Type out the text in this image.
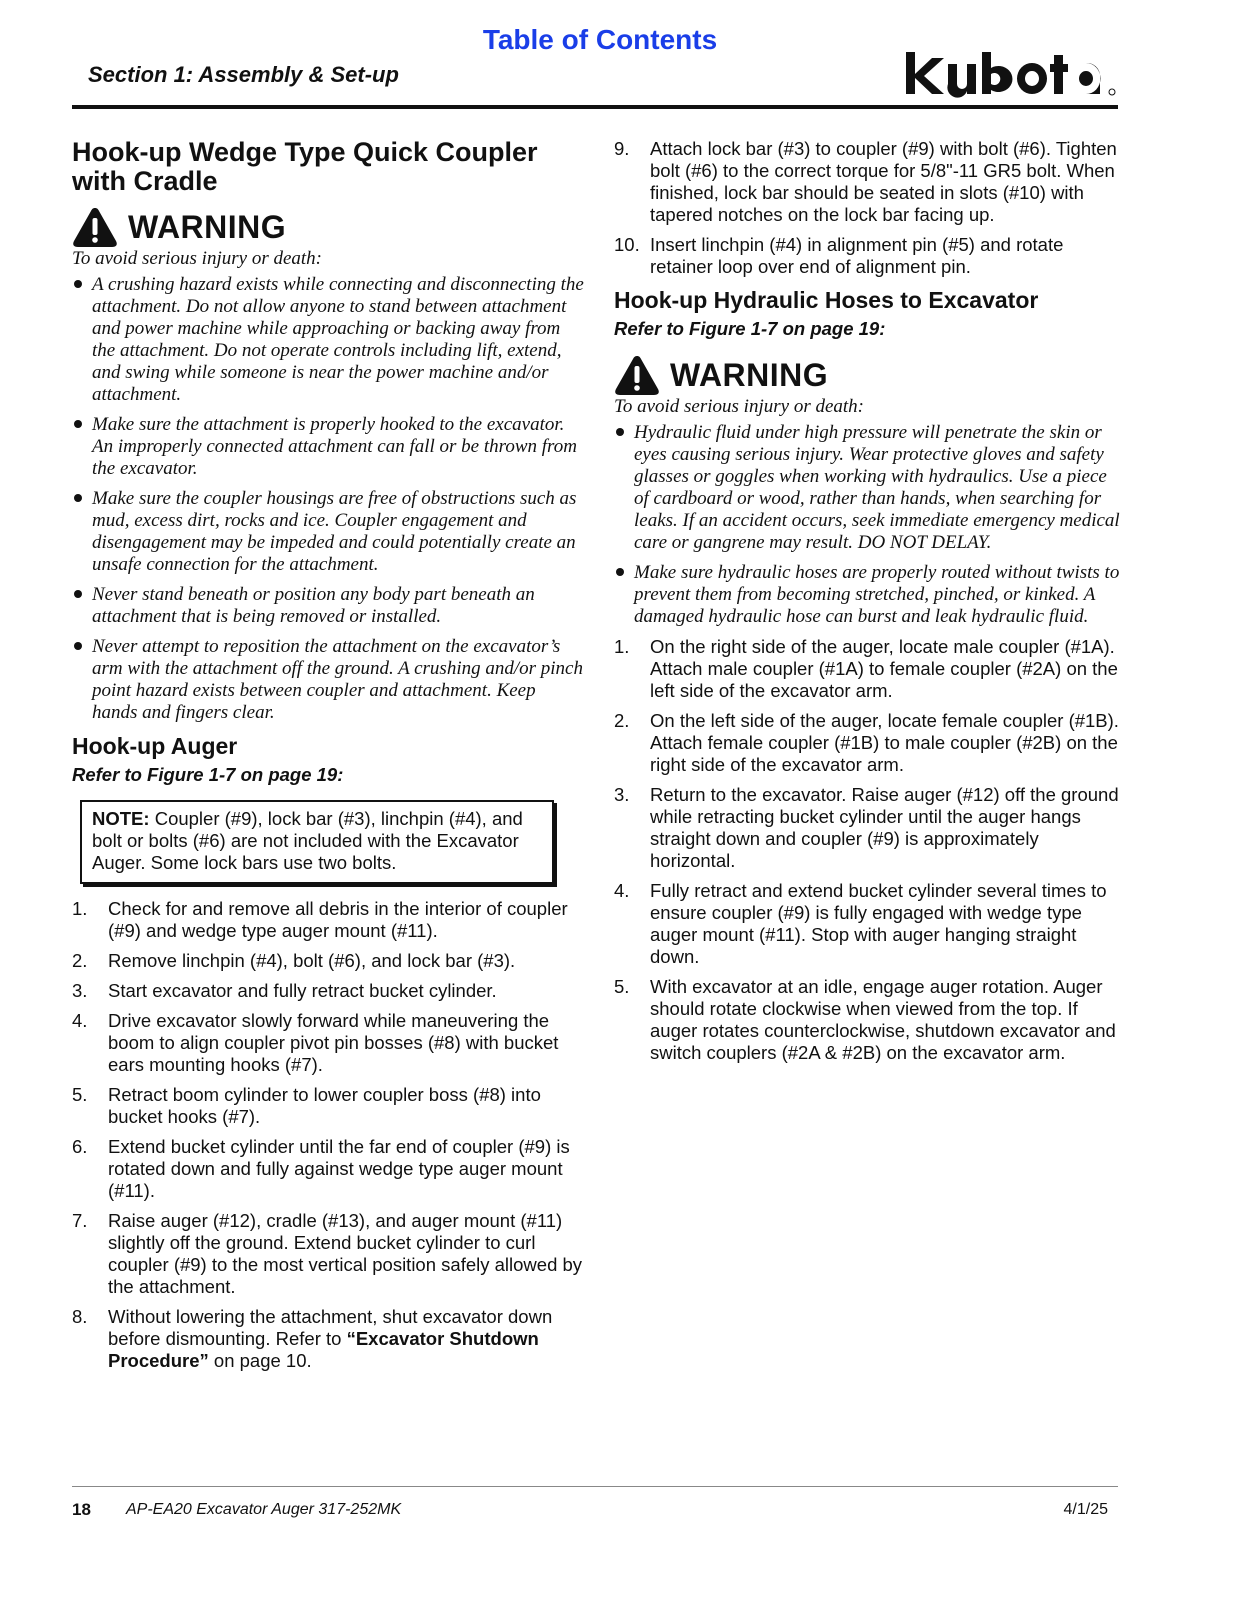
Table of Contents
Section 1: Assembly & Set-up
Hook-up Wedge Type Quick Coupler
with Cradle
WARNING
To avoid serious injury or death:
A crushing hazard exists while connecting and disconnecting the attachment. Do not allow anyone to stand between attachment and power machine while approaching or backing away from the attachment. Do not operate controls including lift, extend, and swing while someone is near the power machine and/or attachment.
Make sure the attachment is properly hooked to the excavator. An improperly connected attachment can fall or be thrown from the excavator.
Make sure the coupler housings are free of obstructions such as mud, excess dirt, rocks and ice. Coupler engagement and disengagement may be impeded and could potentially create an unsafe connection for the attachment.
Never stand beneath or position any body part beneath an attachment that is being removed or installed.
Never attempt to reposition the attachment on the excavator’s arm with the attachment off the ground. A crushing and/or pinch point hazard exists between coupler and attachment. Keep hands and fingers clear.
Hook-up Auger
Refer to Figure 1-7 on page 19:
NOTE: Coupler (#9), lock bar (#3), linchpin (#4), and bolt or bolts (#6) are not included with the Excavator Auger. Some lock bars use two bolts.
1. Check for and remove all debris in the interior of coupler (#9) and wedge type auger mount (#11).
2. Remove linchpin (#4), bolt (#6), and lock bar (#3).
3. Start excavator and fully retract bucket cylinder.
4. Drive excavator slowly forward while maneuvering the boom to align coupler pivot pin bosses (#8) with bucket ears mounting hooks (#7).
5. Retract boom cylinder to lower coupler boss (#8) into bucket hooks (#7).
6. Extend bucket cylinder until the far end of coupler (#9) is rotated down and fully against wedge type auger mount (#11).
7. Raise auger (#12), cradle (#13), and auger mount (#11) slightly off the ground. Extend bucket cylinder to curl coupler (#9) to the most vertical position safely allowed by the attachment.
8. Without lowering the attachment, shut excavator down before dismounting. Refer to “Excavator Shutdown Procedure” on page 10.
9. Attach lock bar (#3) to coupler (#9) with bolt (#6). Tighten bolt (#6) to the correct torque for 5/8"-11 GR5 bolt. When finished, lock bar should be seated in slots (#10) with tapered notches on the lock bar facing up.
10. Insert linchpin (#4) in alignment pin (#5) and rotate retainer loop over end of alignment pin.
Hook-up Hydraulic Hoses to Excavator
Refer to Figure 1-7 on page 19:
WARNING
To avoid serious injury or death:
Hydraulic fluid under high pressure will penetrate the skin or eyes causing serious injury. Wear protective gloves and safety glasses or goggles when working with hydraulics. Use a piece of cardboard or wood, rather than hands, when searching for leaks. If an accident occurs, seek immediate emergency medical care or gangrene may result. DO NOT DELAY.
Make sure hydraulic hoses are properly routed without twists to prevent them from becoming stretched, pinched, or kinked. A damaged hydraulic hose can burst and leak hydraulic fluid.
1. On the right side of the auger, locate male coupler (#1A). Attach male coupler (#1A) to female coupler (#2A) on the left side of the excavator arm.
2. On the left side of the auger, locate female coupler (#1B). Attach female coupler (#1B) to male coupler (#2B) on the right side of the excavator arm.
3. Return to the excavator. Raise auger (#12) off the ground while retracting bucket cylinder until the auger hangs straight down and coupler (#9) is approximately horizontal.
4. Fully retract and extend bucket cylinder several times to ensure coupler (#9) is fully engaged with wedge type auger mount (#11). Stop with auger hanging straight down.
5. With excavator at an idle, engage auger rotation. Auger should rotate clockwise when viewed from the top. If auger rotates counterclockwise, shutdown excavator and switch couplers (#2A & #2B) on the excavator arm.
18 AP-EA20 Excavator Auger 317-252MK	4/1/25
